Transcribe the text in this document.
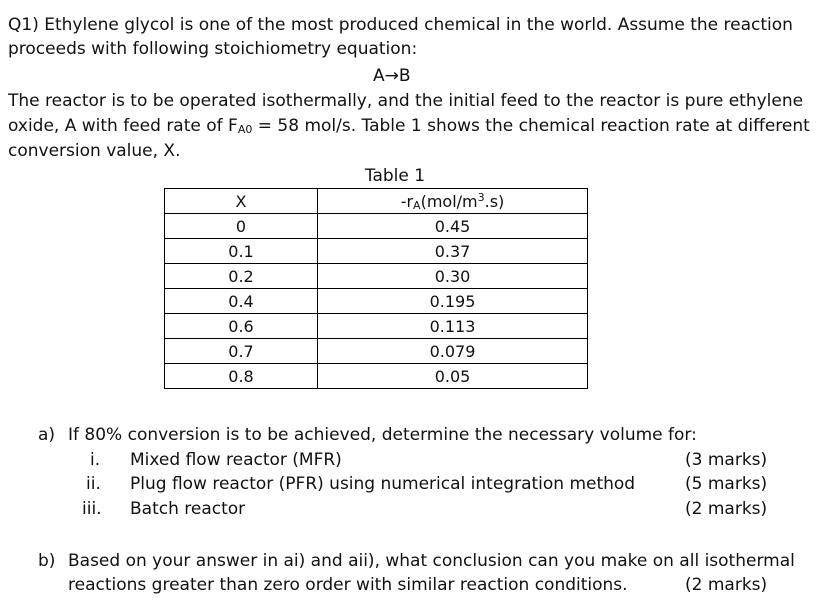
Q1) Ethylene glycol is one of the most produced chemical in the world. Assume the reaction
proceeds with following stoichiometry equation:
A→B
The reactor is to be operated isothermally, and the initial feed to the reactor is pure ethylene
oxide, A with feed rate of FA0 = 58 mol/s. Table 1 shows the chemical reaction rate at different
conversion value, X.
Table 1
X	$-rA(mol/m^3.s)$
0	0.45
0.1	0.37
0.2	0.30
0.4	0.195
0.6	0.113
0.7	0.079
0.8	0.05
a) If 80% conversion is to be achieved, determine the necessary volume for:
i. Mixed flow reactor (MFR)	(3 marks)
ii. Plug flow reactor (PFR) using numerical integration method	(5 marks)
iii. Batch reactor	(2 marks)
b) Based on your answer in ai) and aii), what conclusion can you make on all isothermal
reactions greater than zero order with similar reaction conditions.	(2 marks)
